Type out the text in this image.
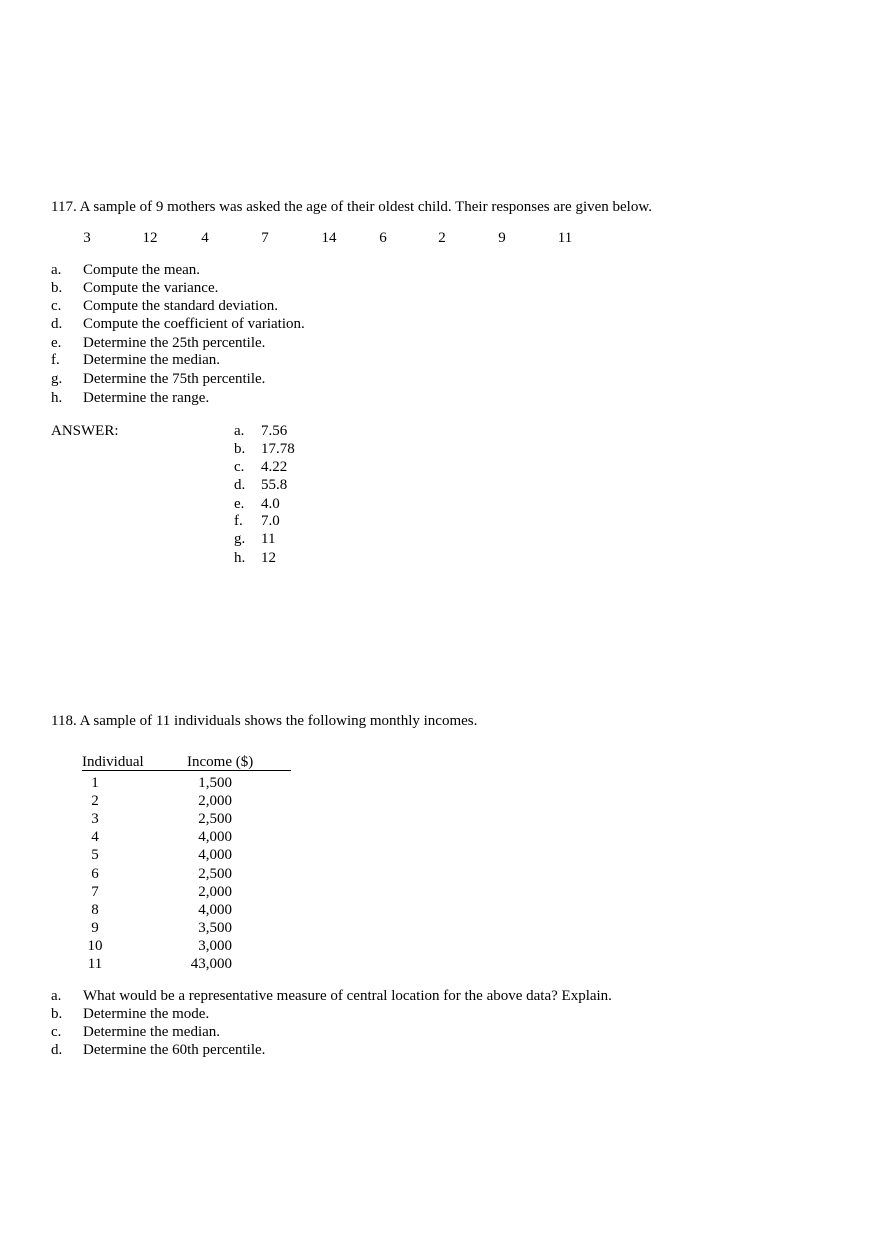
117. A sample of 9 mothers was asked the age of their oldest child. Their responses are given below.
3	12	4	7	14	6	2	9	11
a. Compute the mean.
b. Compute the variance.
c. Compute the standard deviation.
d. Compute the coefficient of variation.
e. Determine the 25th percentile.
f. Determine the median.
g. Determine the 75th percentile.
h. Determine the range.
ANSWER:	a. 7.56
b. 17.78
c. 4.22
d. 55.8
e. 4.0
f. 7.0
g. 11
h. 12
118. A sample of 11 individuals shows the following monthly incomes.
Individual	Income ($)
1	1,500
2	2,000
3	2,500
4	4,000
5	4,000
6	2,500
7	2,000
8	4,000
9	3,500
10	3,000
11	43,000
a. What would be a representative measure of central location for the above data? Explain.
b. Determine the mode.
c. Determine the median.
d. Determine the 60th percentile.
